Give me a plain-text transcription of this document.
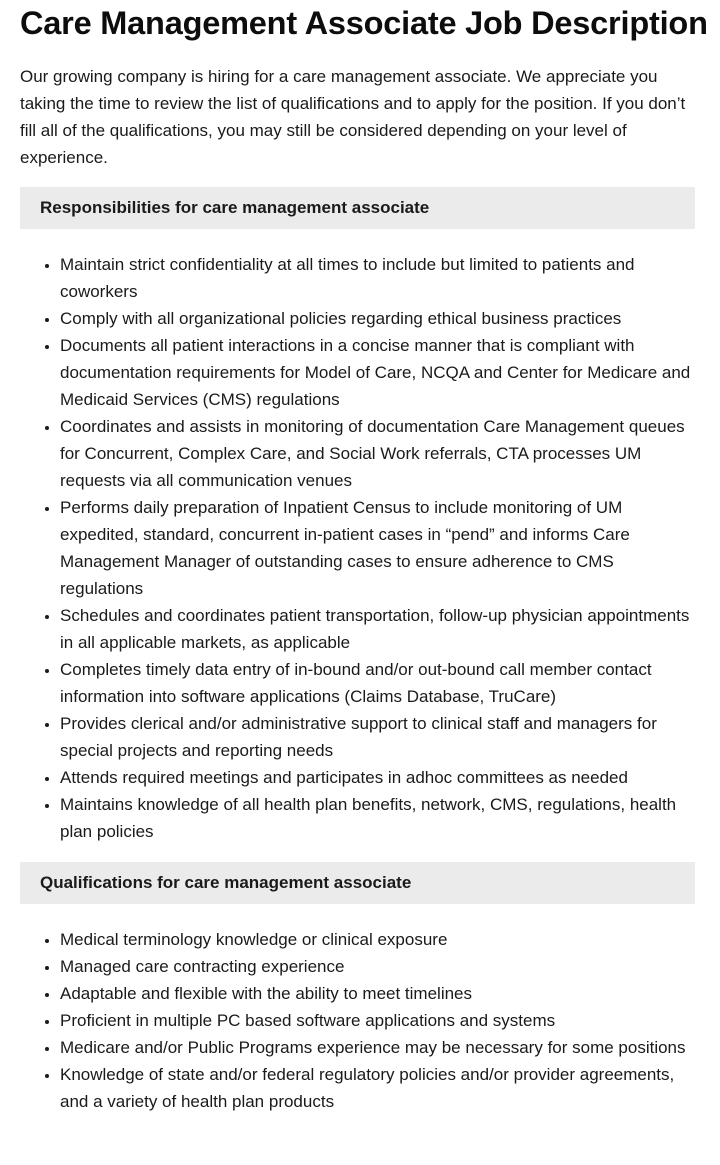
Care Management Associate Job Description

Our growing company is hiring for a care management associate. We appreciate you taking the time to review the list of qualifications and to apply for the position. If you don’t fill all of the qualifications, you may still be considered depending on your level of experience.

Responsibilities for care management associate
• Maintain strict confidentiality at all times to include but limited to patients and coworkers
• Comply with all organizational policies regarding ethical business practices
• Documents all patient interactions in a concise manner that is compliant with documentation requirements for Model of Care, NCQA and Center for Medicare and Medicaid Services (CMS) regulations
• Coordinates and assists in monitoring of documentation Care Management queues for Concurrent, Complex Care, and Social Work referrals, CTA processes UM requests via all communication venues
• Performs daily preparation of Inpatient Census to include monitoring of UM expedited, standard, concurrent in-patient cases in “pend” and informs Care Management Manager of outstanding cases to ensure adherence to CMS regulations
• Schedules and coordinates patient transportation, follow-up physician appointments in all applicable markets, as applicable
• Completes timely data entry of in-bound and/or out-bound call member contact information into software applications (Claims Database, TruCare)
• Provides clerical and/or administrative support to clinical staff and managers for special projects and reporting needs
• Attends required meetings and participates in adhoc committees as needed
• Maintains knowledge of all health plan benefits, network, CMS, regulations, health plan policies
Qualifications for care management associate
• Medical terminology knowledge or clinical exposure
• Managed care contracting experience
• Adaptable and flexible with the ability to meet timelines
• Proficient in multiple PC based software applications and systems
• Medicare and/or Public Programs experience may be necessary for some positions
• Knowledge of state and/or federal regulatory policies and/or provider agreements, and a variety of health plan products
